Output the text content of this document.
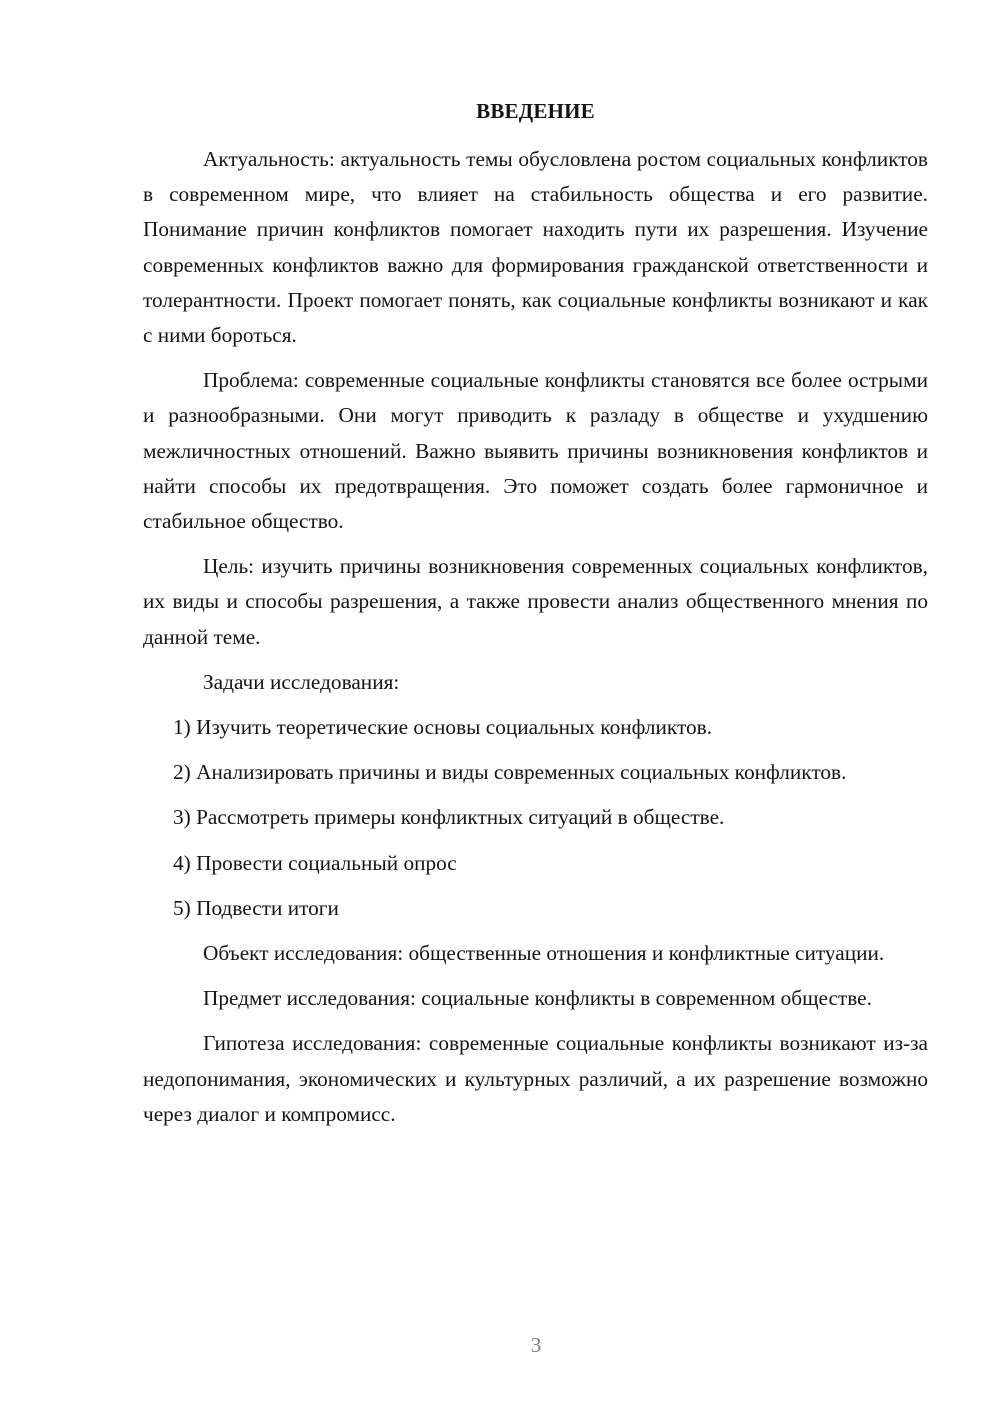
ВВЕДЕНИЕ

Актуальность: актуальность темы обусловлена ростом социальных конфликтов в современном мире, что влияет на стабильность общества и его развитие. Понимание причин конфликтов помогает находить пути их разрешения. Изучение современных конфликтов важно для формирования гражданской ответственности и толерантности. Проект помогает понять, как социальные конфликты возникают и как с ними бороться.

Проблема: современные социальные конфликты становятся все более острыми и разнообразными. Они могут приводить к разладу в обществе и ухудшению межличностных отношений. Важно выявить причины возникновения конфликтов и найти способы их предотвращения. Это поможет создать более гармоничное и стабильное общество.

Цель: изучить причины возникновения современных социальных конфликтов, их виды и способы разрешения, а также провести анализ общественного мнения по данной теме.

Задачи исследования:

1) Изучить теоретические основы социальных конфликтов.

2) Анализировать причины и виды современных социальных конфликтов.

3) Рассмотреть примеры конфликтных ситуаций в обществе.

4) Провести социальный опрос

5) Подвести итоги

Объект исследования: общественные отношения и конфликтные ситуации.

Предмет исследования: социальные конфликты в современном обществе.

Гипотеза исследования: современные социальные конфликты возникают из-за недопонимания, экономических и культурных различий, а их разрешение возможно через диалог и компромисс.

3
